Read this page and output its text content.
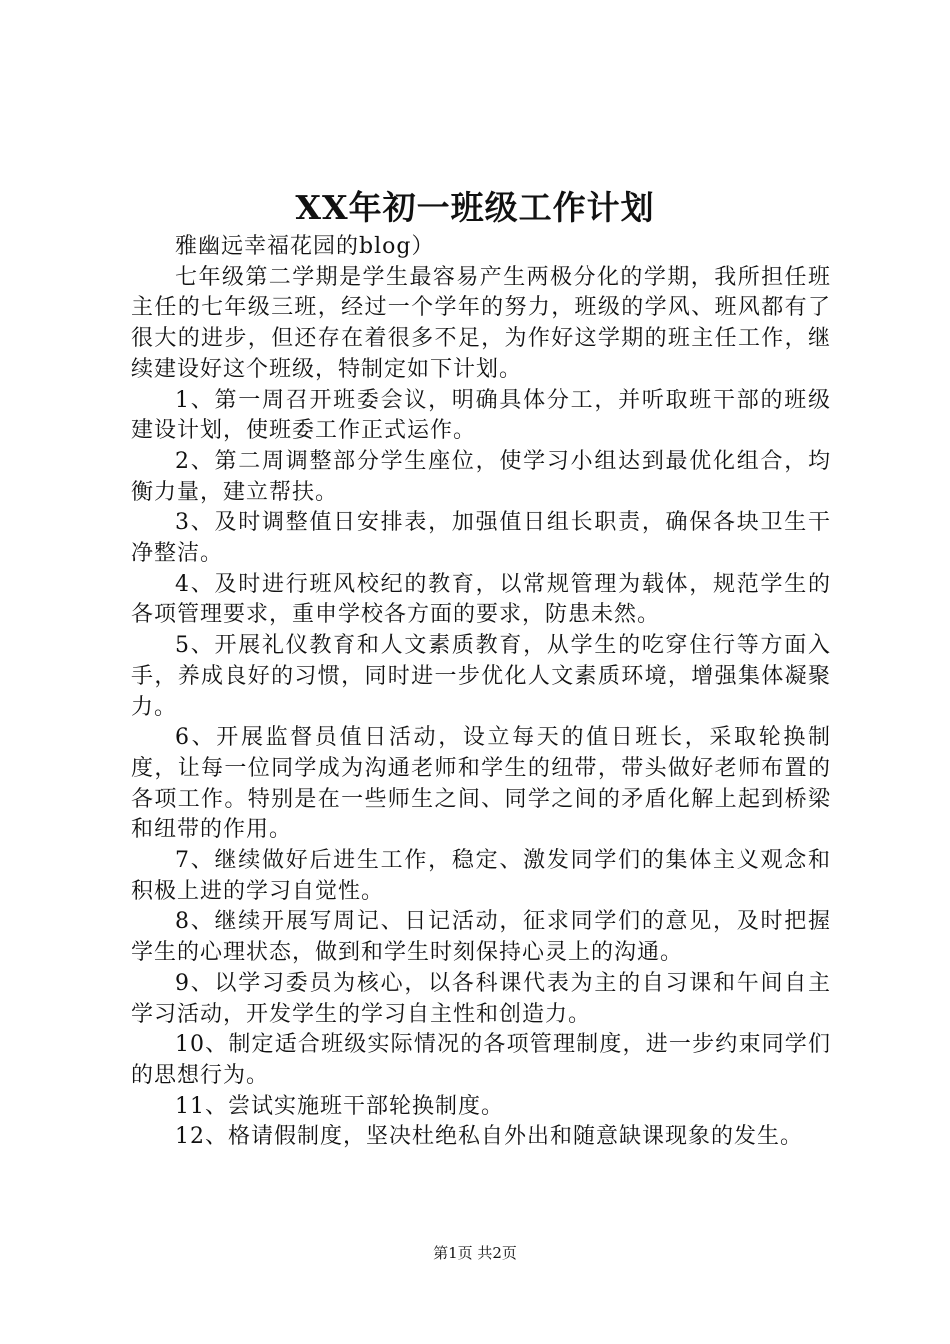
XX年初一班级工作计划

雅幽远幸福花园的blog）

七年级第二学期是学生最容易产生两极分化的学期，我所担任班主任的七年级三班，经过一个学年的努力，班级的学风、班风都有了很大的进步，但还存在着很多不足，为作好这学期的班主任工作，继续建设好这个班级，特制定如下计划。

1、第一周召开班委会议，明确具体分工，并听取班干部的班级建设计划，使班委工作正式运作。

2、第二周调整部分学生座位，使学习小组达到最优化组合，均衡力量，建立帮扶。

3、及时调整值日安排表，加强值日组长职责，确保各块卫生干净整洁。

4、及时进行班风校纪的教育，以常规管理为载体，规范学生的各项管理要求，重申学校各方面的要求，防患未然。

5、开展礼仪教育和人文素质教育，从学生的吃穿住行等方面入手，养成良好的习惯，同时进一步优化人文素质环境，增强集体凝聚力。

6、开展监督员值日活动，设立每天的值日班长，采取轮换制度，让每一位同学成为沟通老师和学生的纽带，带头做好老师布置的各项工作。特别是在一些师生之间、同学之间的矛盾化解上起到桥梁和纽带的作用。

7、继续做好后进生工作，稳定、激发同学们的集体主义观念和积极上进的学习自觉性。

8、继续开展写周记、日记活动，征求同学们的意见，及时把握学生的心理状态，做到和学生时刻保持心灵上的沟通。

9、以学习委员为核心，以各科课代表为主的自习课和午间自主学习活动，开发学生的学习自主性和创造力。

10、制定适合班级实际情况的各项管理制度，进一步约束同学们的思想行为。

11、尝试实施班干部轮换制度。

12、格请假制度，坚决杜绝私自外出和随意缺课现象的发生。

第1页 共2页
